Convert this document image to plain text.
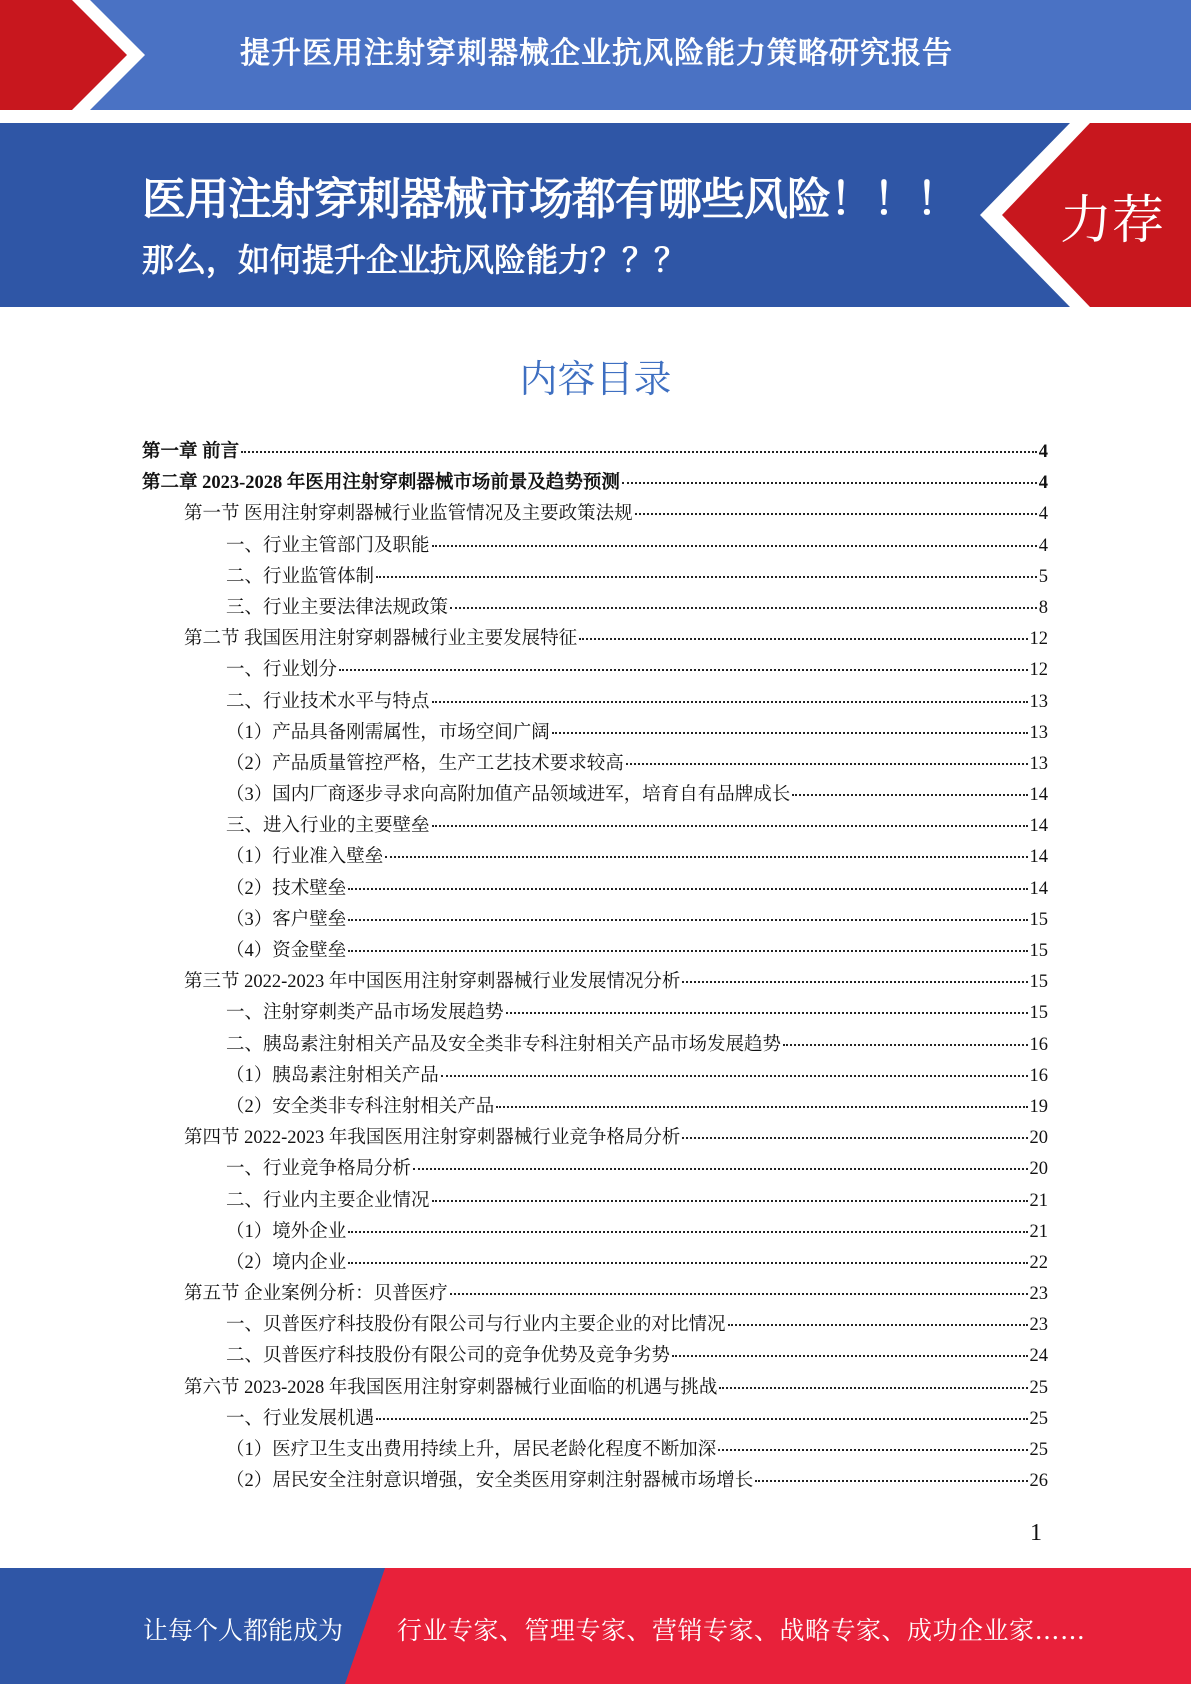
提升医用注射穿刺器械企业抗风险能力策略研究报告
医用注射穿刺器械市场都有哪些风险！！！
那么，如何提升企业抗风险能力？？？
力荐
内容目录
第一章 前言	4
第二章 2023-2028 年医用注射穿刺器械市场前景及趋势预测	4
第一节 医用注射穿刺器械行业监管情况及主要政策法规	4
一、行业主管部门及职能	4
二、行业监管体制	5
三、行业主要法律法规政策	8
第二节 我国医用注射穿刺器械行业主要发展特征	12
一、行业划分	12
二、行业技术水平与特点	13
（1）产品具备刚需属性，市场空间广阔	13
（2）产品质量管控严格，生产工艺技术要求较高	13
（3）国内厂商逐步寻求向高附加值产品领域进军，培育自有品牌成长	14
三、进入行业的主要壁垒	14
（1）行业准入壁垒	14
（2）技术壁垒	14
（3）客户壁垒	15
（4）资金壁垒	15
第三节 2022-2023 年中国医用注射穿刺器械行业发展情况分析	15
一、注射穿刺类产品市场发展趋势	15
二、胰岛素注射相关产品及安全类非专科注射相关产品市场发展趋势	16
（1）胰岛素注射相关产品	16
（2）安全类非专科注射相关产品	19
第四节 2022-2023 年我国医用注射穿刺器械行业竞争格局分析	20
一、行业竞争格局分析	20
二、行业内主要企业情况	21
（1）境外企业	21
（2）境内企业	22
第五节 企业案例分析：贝普医疗	23
一、贝普医疗科技股份有限公司与行业内主要企业的对比情况	23
二、贝普医疗科技股份有限公司的竞争优势及竞争劣势	24
第六节 2023-2028 年我国医用注射穿刺器械行业面临的机遇与挑战	25
一、行业发展机遇	25
（1）医疗卫生支出费用持续上升，居民老龄化程度不断加深	25
（2）居民安全注射意识增强，安全类医用穿刺注射器械市场增长	26
1
让每个人都能成为 行业专家、管理专家、营销专家、战略专家、成功企业家……
